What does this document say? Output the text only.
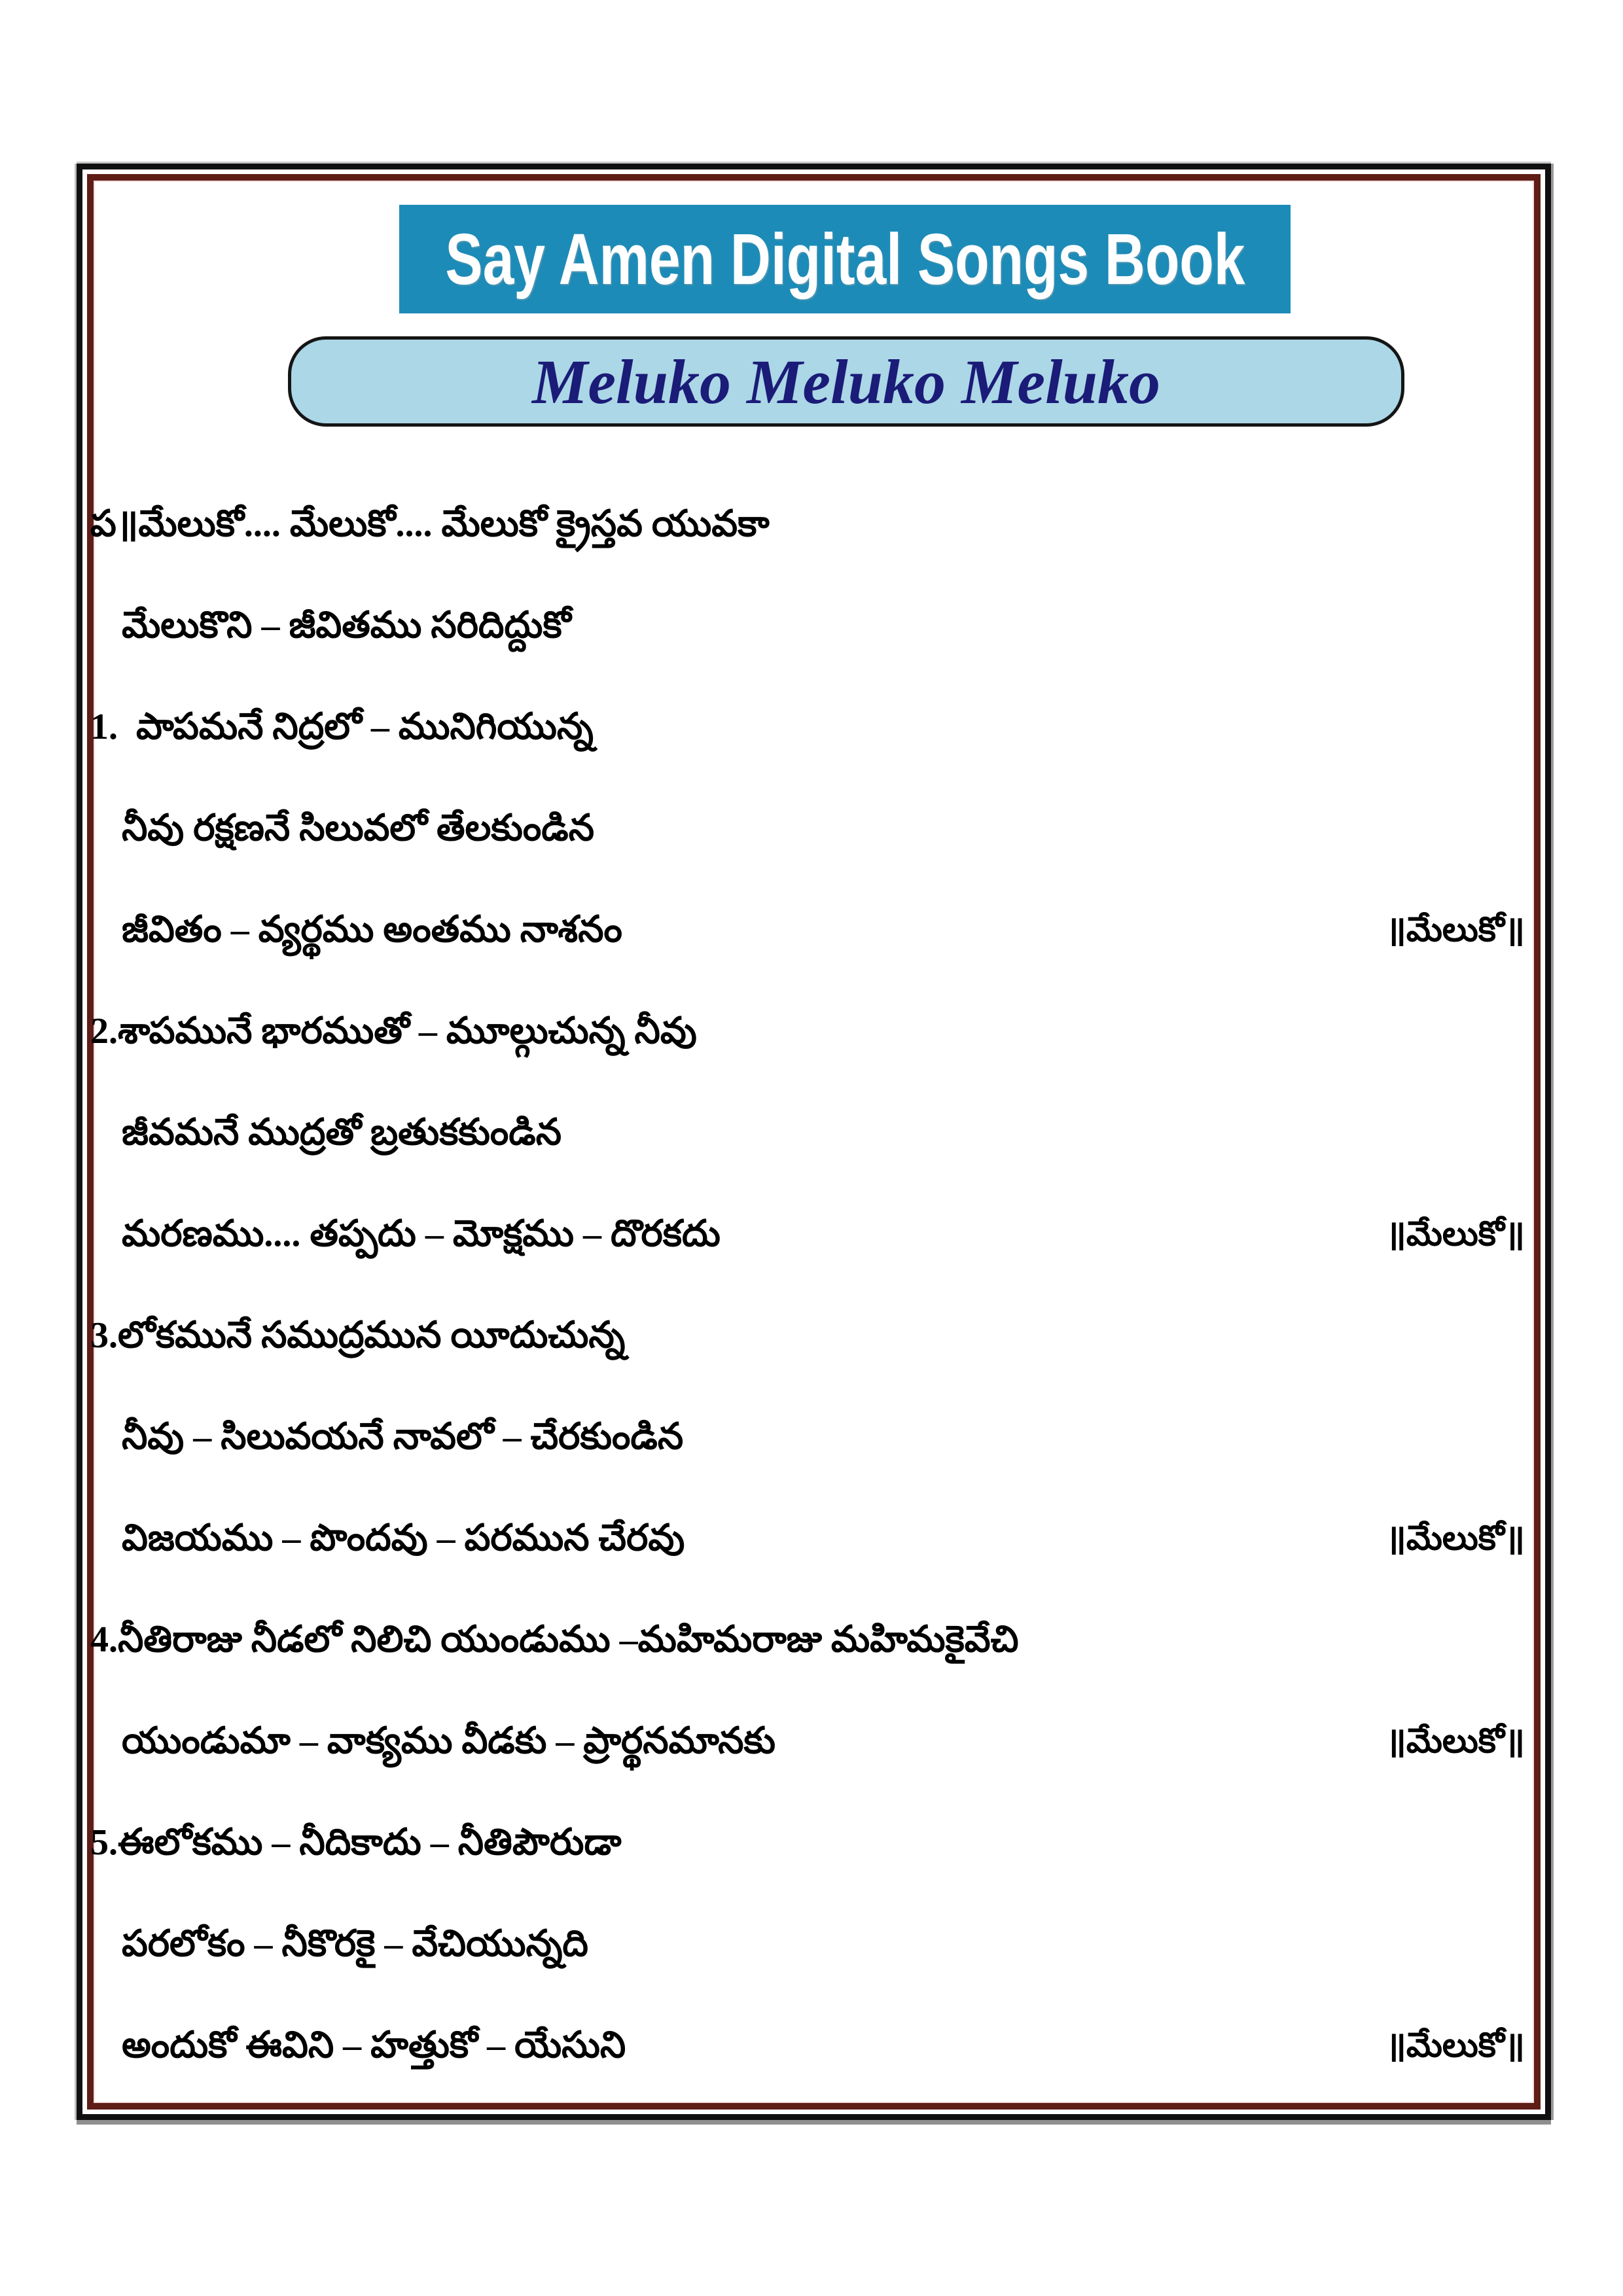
Say Amen Digital Songs Book
Meluko Meluko Meluko
ప॥మేలుకో.... మేలుకో.... మేలుకో క్రైస్తవ యువకా
మేలుకొని – జీవితము సరిదిద్దుకో
1.  పాపమనే నిద్రలో – మునిగియున్న
నీవు రక్షణనే సిలువలో తేలకుండిన
జీవితం – వ్యర్థము అంతము నాశనం	॥మేలుకో॥
2.శాపమునే భారముతో – మూల్గుచున్న నీవు
జీవమనే ముద్రతో బ్రతుకకుండిన
మరణము.... తప్పదు – మోక్షము – దొరకదు	॥మేలుకో॥
3.లోకమునే సముద్రమున యీదుచున్న
నీవు – సిలువయనే నావలో – చేరకుండిన
విజయము – పొందవు – పరమున చేరవు	॥మేలుకో॥
4.నీతిరాజు నీడలో నిలిచి యుండుము –మహిమరాజు మహిమకైవేచి
యుండుమా – వాక్యము వీడకు – ప్రార్థనమానకు	॥మేలుకో॥
5.ఈలోకము – నీదికాదు – నీతిపౌరుడా
పరలోకం – నీకొరకై – వేచియున్నది
అందుకో ఈవిని – హత్తుకో – యేసుని	॥మేలుకో॥
